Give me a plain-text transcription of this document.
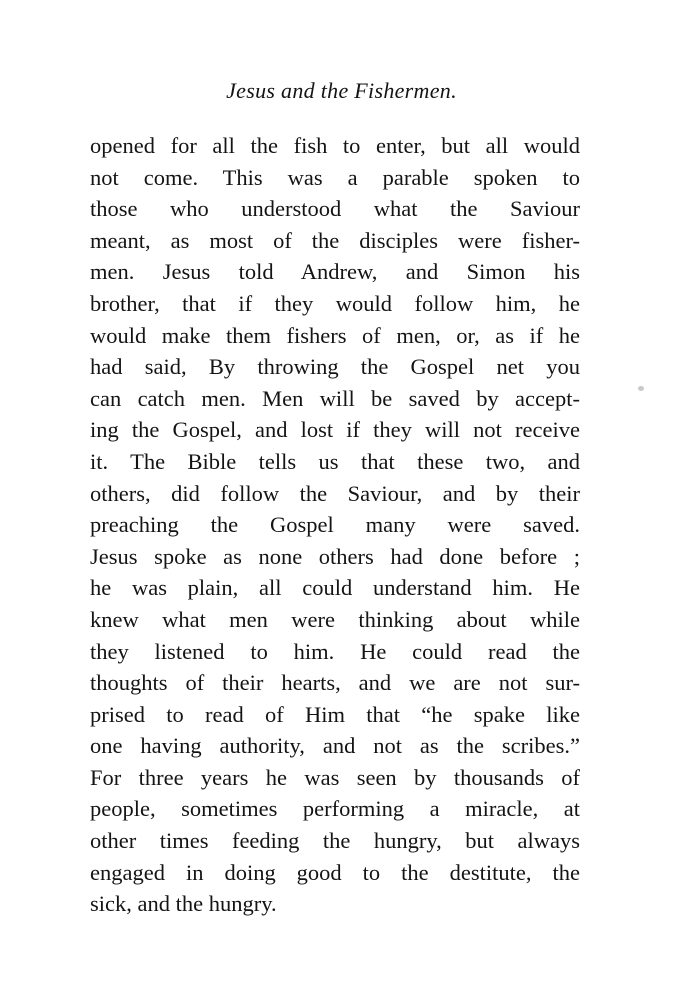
Jesus and the Fishermen.
opened for all the fish to enter, but all would
not come. This was a parable spoken to
those who understood what the Saviour
meant, as most of the disciples were fisher-
men. Jesus told Andrew, and Simon his
brother, that if they would follow him, he
would make them fishers of men, or, as if he
had said, By throwing the Gospel net you
can catch men. Men will be saved by accept-
ing the Gospel, and lost if they will not receive
it. The Bible tells us that these two, and
others, did follow the Saviour, and by their
preaching the Gospel many were saved.
Jesus spoke as none others had done before ;
he was plain, all could understand him. He
knew what men were thinking about while
they listened to him. He could read the
thoughts of their hearts, and we are not sur-
prised to read of Him that “he spake like
one having authority, and not as the scribes.”
For three years he was seen by thousands of
people, sometimes performing a miracle, at
other times feeding the hungry, but always
engaged in doing good to the destitute, the
sick, and the hungry.
